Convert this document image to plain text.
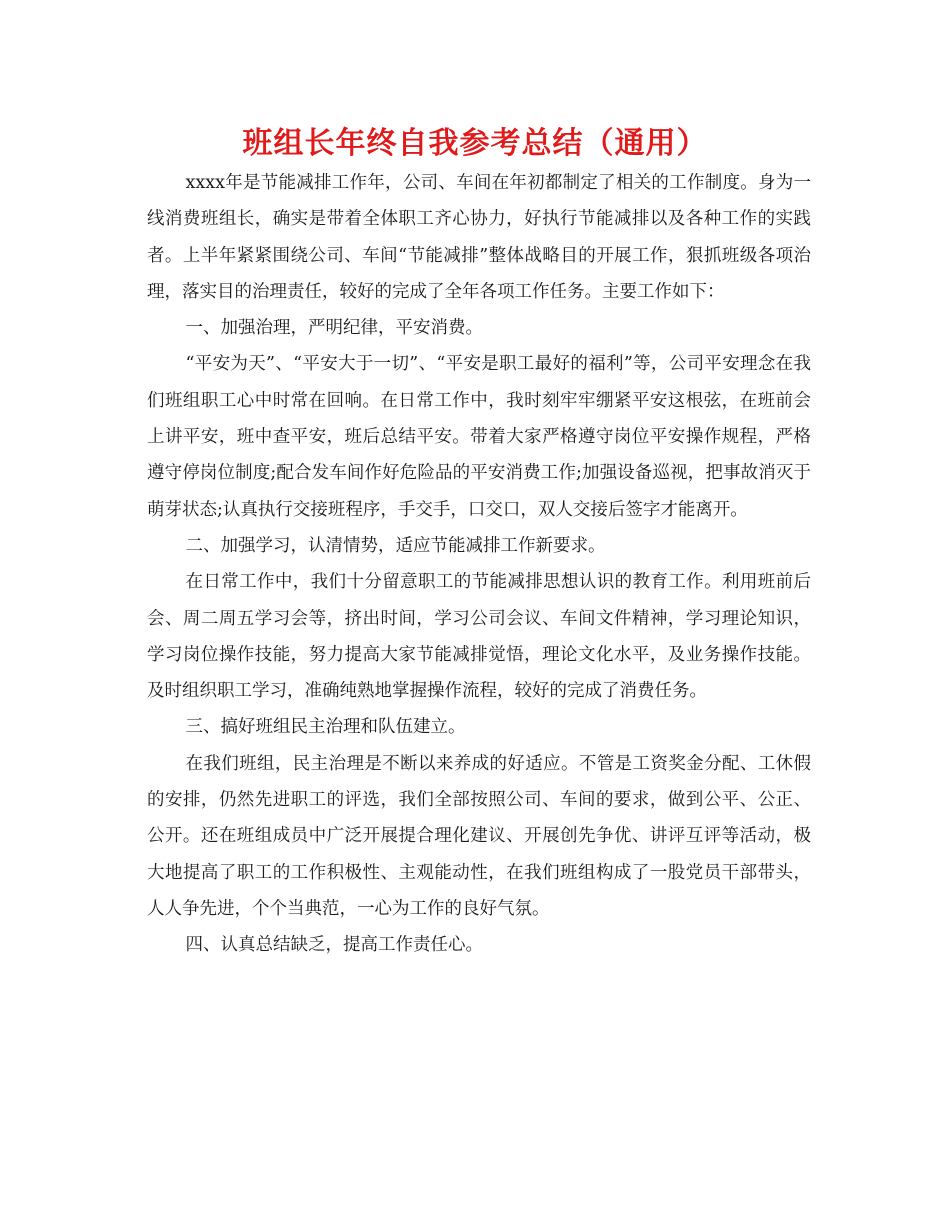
班组长年终自我参考总结（通用）

xxxx年是节能减排工作年，公司、车间在年初都制定了相关的工作制度。身为一线消费班组长，确实是带着全体职工齐心协力，好执行节能减排以及各种工作的实践者。上半年紧紧围绕公司、车间“节能减排”整体战略目的开展工作，狠抓班级各项治理，落实目的治理责任，较好的完成了全年各项工作任务。主要工作如下：

一、加强治理，严明纪律，平安消费。

“平安为天”、“平安大于一切”、“平安是职工最好的福利”等，公司平安理念在我们班组职工心中时常在回响。在日常工作中，我时刻牢牢绷紧平安这根弦，在班前会上讲平安，班中查平安，班后总结平安。带着大家严格遵守岗位平安操作规程，严格遵守停岗位制度;配合发车间作好危险品的平安消费工作;加强设备巡视，把事故消灭于萌芽状态;认真执行交接班程序，手交手，口交口，双人交接后签字才能离开。

二、加强学习，认清情势，适应节能减排工作新要求。

在日常工作中，我们十分留意职工的节能减排思想认识的教育工作。利用班前后会、周二周五学习会等，挤出时间，学习公司会议、车间文件精神，学习理论知识，学习岗位操作技能，努力提高大家节能减排觉悟，理论文化水平，及业务操作技能。及时组织职工学习，准确纯熟地掌握操作流程，较好的完成了消费任务。

三、搞好班组民主治理和队伍建立。

在我们班组，民主治理是不断以来养成的好适应。不管是工资奖金分配、工休假的安排，仍然先进职工的评选，我们全部按照公司、车间的要求，做到公平、公正、公开。还在班组成员中广泛开展提合理化建议、开展创先争优、讲评互评等活动，极大地提高了职工的工作积极性、主观能动性，在我们班组构成了一股党员干部带头，人人争先进，个个当典范，一心为工作的良好气氛。

四、认真总结缺乏，提高工作责任心。
